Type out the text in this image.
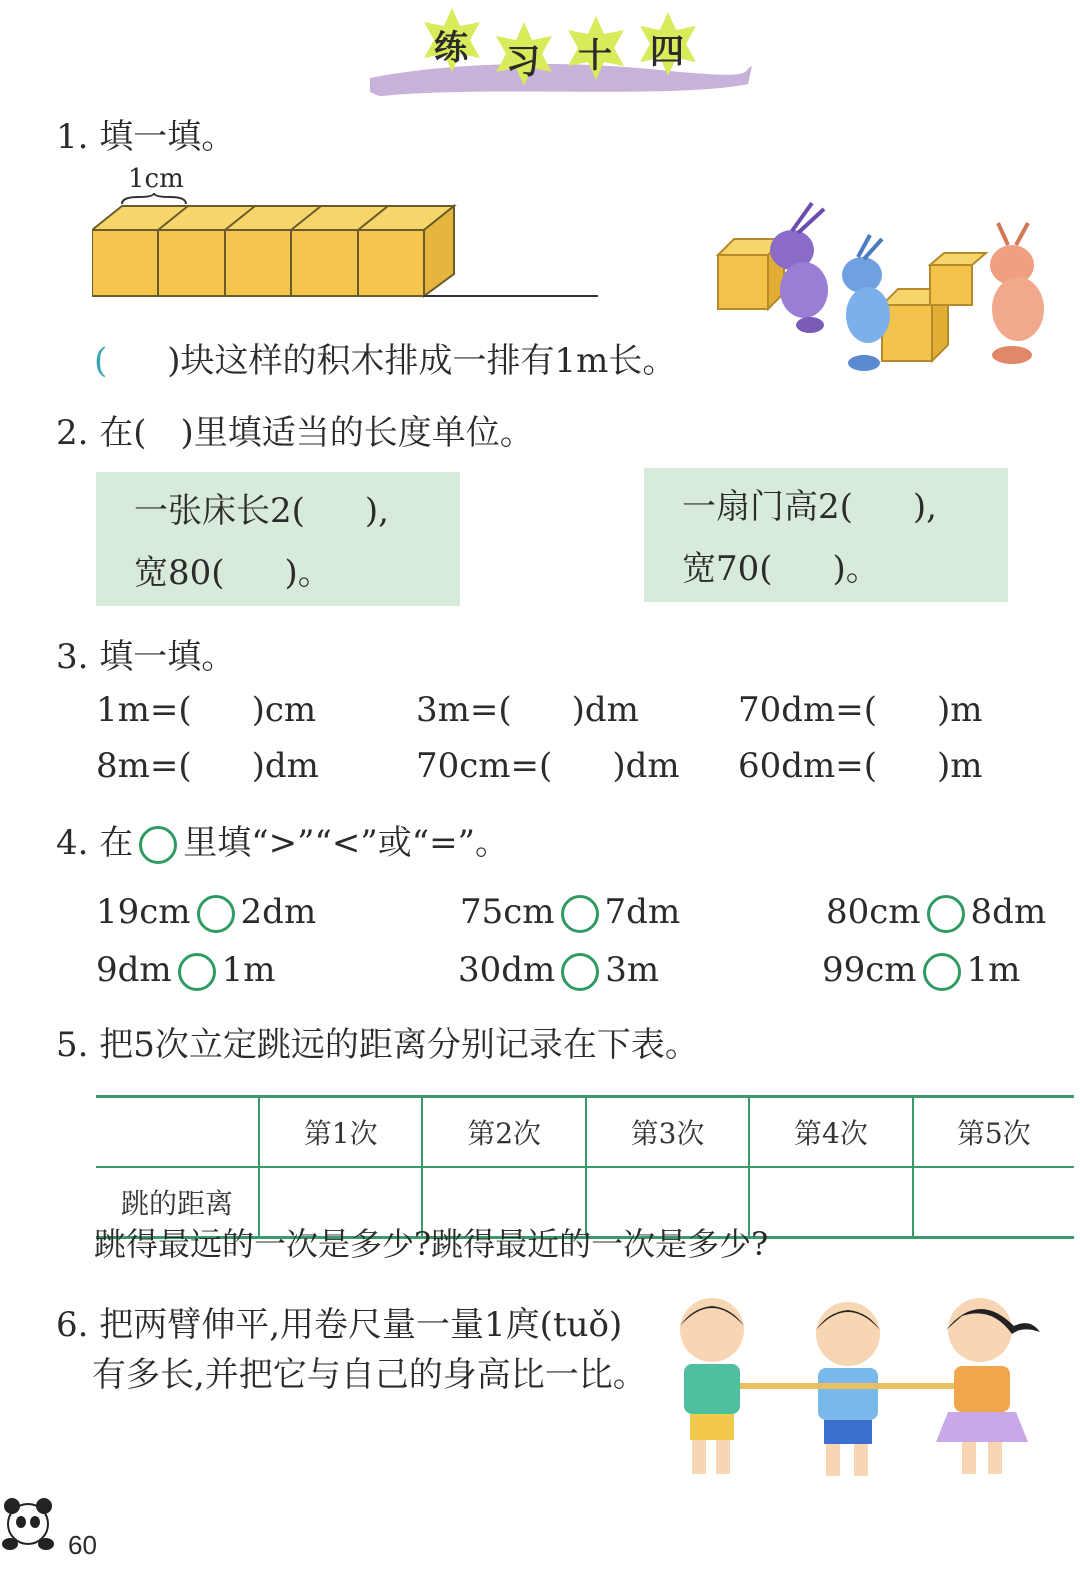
练 习 十 四
1. 填一填。
1cm
( )块这样的积木排成一排有1m长。
2. 在( )里填适当的长度单位。
一张床长2( ),
宽80( )。
一扇门高2( ),
宽70( )。
3. 填一填。
1m=( )cm	3m=( )dm	70dm=( )m
8m=( )dm	70cm=( )dm 60dm=( )m
4. 在 里填“>”“<”或“=”。
19cm 2dm	75cm 7dm	80cm 8dm
9dm 1m	30dm 3m	99cm 1m
5. 把5次立定跳远的距离分别记录在下表。
	第1次	第2次	第3次	第4次	第5次
跳的距离					
跳得最远的一次是多少?跳得最近的一次是多少?
6. 把两臂伸平,用卷尺量一量1庹(tuǒ)
有多长,并把它与自己的身高比一比。
60
